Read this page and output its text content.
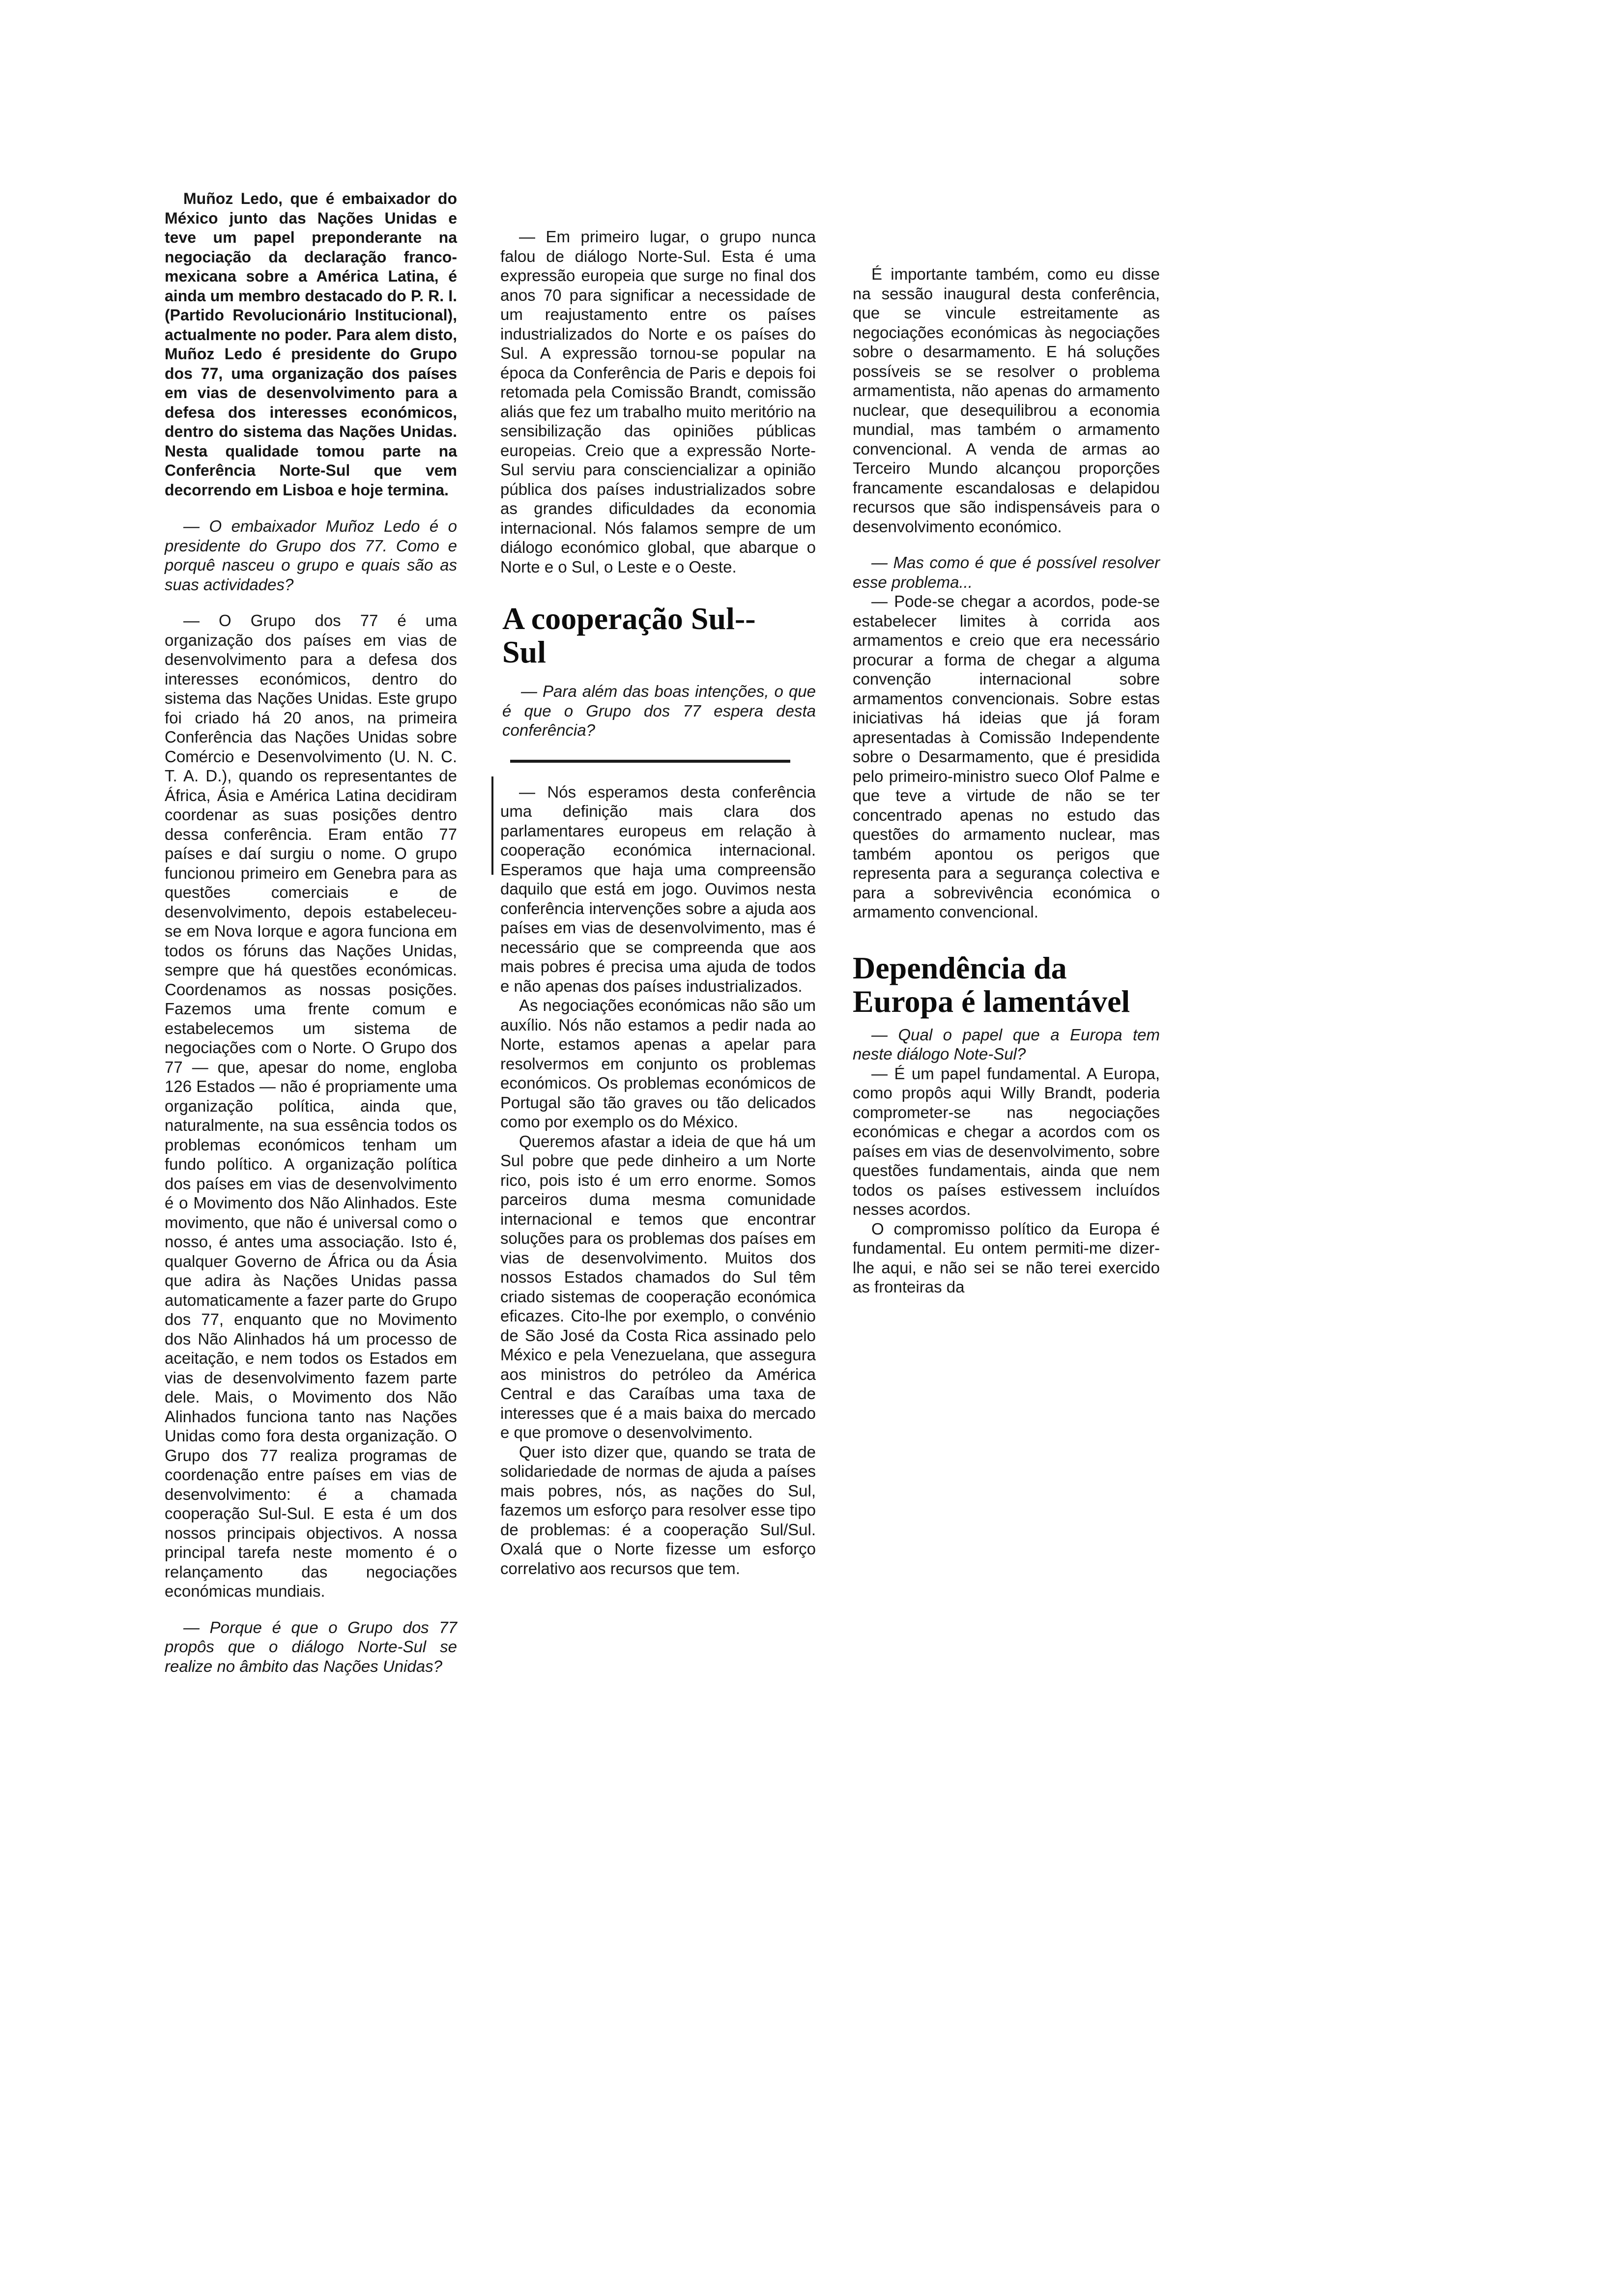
Muñoz Ledo, que é embaixador do México junto das Nações Unidas e teve um papel preponderante na negociação da declaração franco-mexicana sobre a América Latina, é ainda um membro destacado do P. R. I. (Partido Revolucionário Institucional), actualmente no poder. Para alem disto, Muñoz Ledo é presidente do Grupo dos 77, uma organização dos países em vias de desenvolvimento para a defesa dos interesses económicos, dentro do sistema das Nações Unidas. Nesta qualidade tomou parte na Conferência Norte-Sul que vem decorrendo em Lisboa e hoje termina.

— O embaixador Muñoz Ledo é o presidente do Grupo dos 77. Como e porquê nasceu o grupo e quais são as suas actividades?

— O Grupo dos 77 é uma organização dos países em vias de desenvolvimento para a defesa dos interesses económicos, dentro do sistema das Nações Unidas. Este grupo foi criado há 20 anos, na primeira Conferência das Nações Unidas sobre Comércio e Desenvolvimento (U. N. C. T. A. D.), quando os representantes de África, Ásia e América Latina decidiram coordenar as suas posições dentro dessa conferência. Eram então 77 países e daí surgiu o nome. O grupo funcionou primeiro em Genebra para as questões comerciais e de desenvolvimento, depois estabeleceu-se em Nova Iorque e agora funciona em todos os fóruns das Nações Unidas, sempre que há questões económicas. Coordenamos as nossas posições. Fazemos uma frente comum e estabelecemos um sistema de negociações com o Norte. O Grupo dos 77 — que, apesar do nome, engloba 126 Estados — não é propriamente uma organização política, ainda que, naturalmente, na sua essência todos os problemas económicos tenham um fundo político. A organização política dos países em vias de desenvolvimento é o Movimento dos Não Alinhados. Este movimento, que não é universal como o nosso, é antes uma associação. Isto é, qualquer Governo de África ou da Ásia que adira às Nações Unidas passa automaticamente a fazer parte do Grupo dos 77, enquanto que no Movimento dos Não Alinhados há um processo de aceitação, e nem todos os Estados em vias de desenvolvimento fazem parte dele. Mais, o Movimento dos Não Alinhados funciona tanto nas Nações Unidas como fora desta organização. O Grupo dos 77 realiza programas de coordenação entre países em vias de desenvolvimento: é a chamada cooperação Sul-Sul. E esta é um dos nossos principais objectivos. A nossa principal tarefa neste momento é o relançamento das negociações económicas mundiais.

— Porque é que o Grupo dos 77 propôs que o diálogo Norte-Sul se realize no âmbito das Nações Unidas?

— Em primeiro lugar, o grupo nunca falou de diálogo Norte-Sul. Esta é uma expressão europeia que surge no final dos anos 70 para significar a necessidade de um reajustamento entre os países industrializados do Norte e os países do Sul. A expressão tornou-se popular na época da Conferência de Paris e depois foi retomada pela Comissão Brandt, comissão aliás que fez um trabalho muito meritório na sensibilização das opiniões públicas europeias. Creio que a expressão Norte-Sul serviu para consciencializar a opinião pública dos países industrializados sobre as grandes dificuldades da economia internacional. Nós falamos sempre de um diálogo económico global, que abarque o Norte e o Sul, o Leste e o Oeste.

A cooperação Sul--Sul

— Para além das boas intenções, o que é que o Grupo dos 77 espera desta conferência?

— Nós esperamos desta conferência uma definição mais clara dos parlamentares europeus em relação à cooperação económica internacional. Esperamos que haja uma compreensão daquilo que está em jogo. Ouvimos nesta conferência intervenções sobre a ajuda aos países em vias de desenvolvimento, mas é necessário que se compreenda que aos mais pobres é precisa uma ajuda de todos e não apenas dos países industrializados.

As negociações económicas não são um auxílio. Nós não estamos a pedir nada ao Norte, estamos apenas a apelar para resolvermos em conjunto os problemas económicos. Os problemas económicos de Portugal são tão graves ou tão delicados como por exemplo os do México.

Queremos afastar a ideia de que há um Sul pobre que pede dinheiro a um Norte rico, pois isto é um erro enorme. Somos parceiros duma mesma comunidade internacional e temos que encontrar soluções para os problemas dos países em vias de desenvolvimento. Muitos dos nossos Estados chamados do Sul têm criado sistemas de cooperação económica eficazes. Cito-lhe por exemplo, o convénio de São José da Costa Rica assinado pelo México e pela Venezuelana, que assegura aos ministros do petróleo da América Central e das Caraíbas uma taxa de interesses que é a mais baixa do mercado e que promove o desenvolvimento.

Quer isto dizer que, quando se trata de solidariedade de normas de ajuda a países mais pobres, nós, as nações do Sul, fazemos um esforço para resolver esse tipo de problemas: é a cooperação Sul/Sul. Oxalá que o Norte fizesse um esforço correlativo aos recursos que tem.

É importante também, como eu disse na sessão inaugural desta conferência, que se vincule estreitamente as negociações económicas às negociações sobre o desarmamento. E há soluções possíveis se se resolver o problema armamentista, não apenas do armamento nuclear, que desequilibrou a economia mundial, mas também o armamento convencional. A venda de armas ao Terceiro Mundo alcançou proporções francamente escandalosas e delapidou recursos que são indispensáveis para o desenvolvimento económico.

— Mas como é que é possível resolver esse problema...

— Pode-se chegar a acordos, pode-se estabelecer limites à corrida aos armamentos e creio que era necessário procurar a forma de chegar a alguma convenção internacional sobre armamentos convencionais. Sobre estas iniciativas há ideias que já foram apresentadas à Comissão Independente sobre o Desarmamento, que é presidida pelo primeiro-ministro sueco Olof Palme e que teve a virtude de não se ter concentrado apenas no estudo das questões do armamento nuclear, mas também apontou os perigos que representa para a segurança colectiva e para a sobrevivência económica o armamento convencional.

Dependência da Europa é lamentável

— Qual o papel que a Europa tem neste diálogo Note-Sul?

— É um papel fundamental. A Europa, como propôs aqui Willy Brandt, poderia comprometer-se nas negociações económicas e chegar a acordos com os países em vias de desenvolvimento, sobre questões fundamentais, ainda que nem todos os países estivessem incluídos nesses acordos.

O compromisso político da Europa é fundamental. Eu ontem permiti-me dizer-lhe aqui, e não sei se não terei exercido as fronteiras da
